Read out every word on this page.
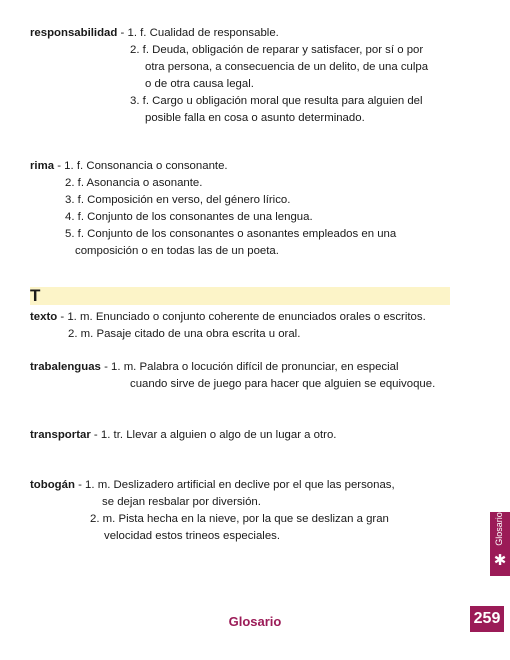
responsabilidad - 1. f. Cualidad de responsable.
2. f. Deuda, obligación de reparar y satisfacer, por sí o por
otra persona, a consecuencia de un delito, de una culpa
o de otra causa legal.
3. f. Cargo u obligación moral que resulta para alguien del
posible falla en cosa o asunto determinado.
rima - 1. f. Consonancia o consonante.
2. f. Asonancia o asonante.
3. f. Composición en verso, del género lírico.
4. f. Conjunto de los consonantes de una lengua.
5. f. Conjunto de los consonantes o asonantes empleados en una
composición o en todas las de un poeta.
T
texto - 1. m. Enunciado o conjunto coherente de enunciados orales o escritos.
2. m. Pasaje citado de una obra escrita u oral.
trabalenguas - 1. m. Palabra o locución difícil de pronunciar, en especial
cuando sirve de juego para hacer que alguien se equivoque.
transportar - 1. tr. Llevar a alguien o algo de un lugar a otro.
tobogán - 1. m. Deslizadero artificial en declive por el que las personas,
se dejan resbalar por diversión.
2. m. Pista hecha en la nieve, por la que se deslizan a gran
velocidad estos trineos especiales.	Glosario
✱
Glosario	259
